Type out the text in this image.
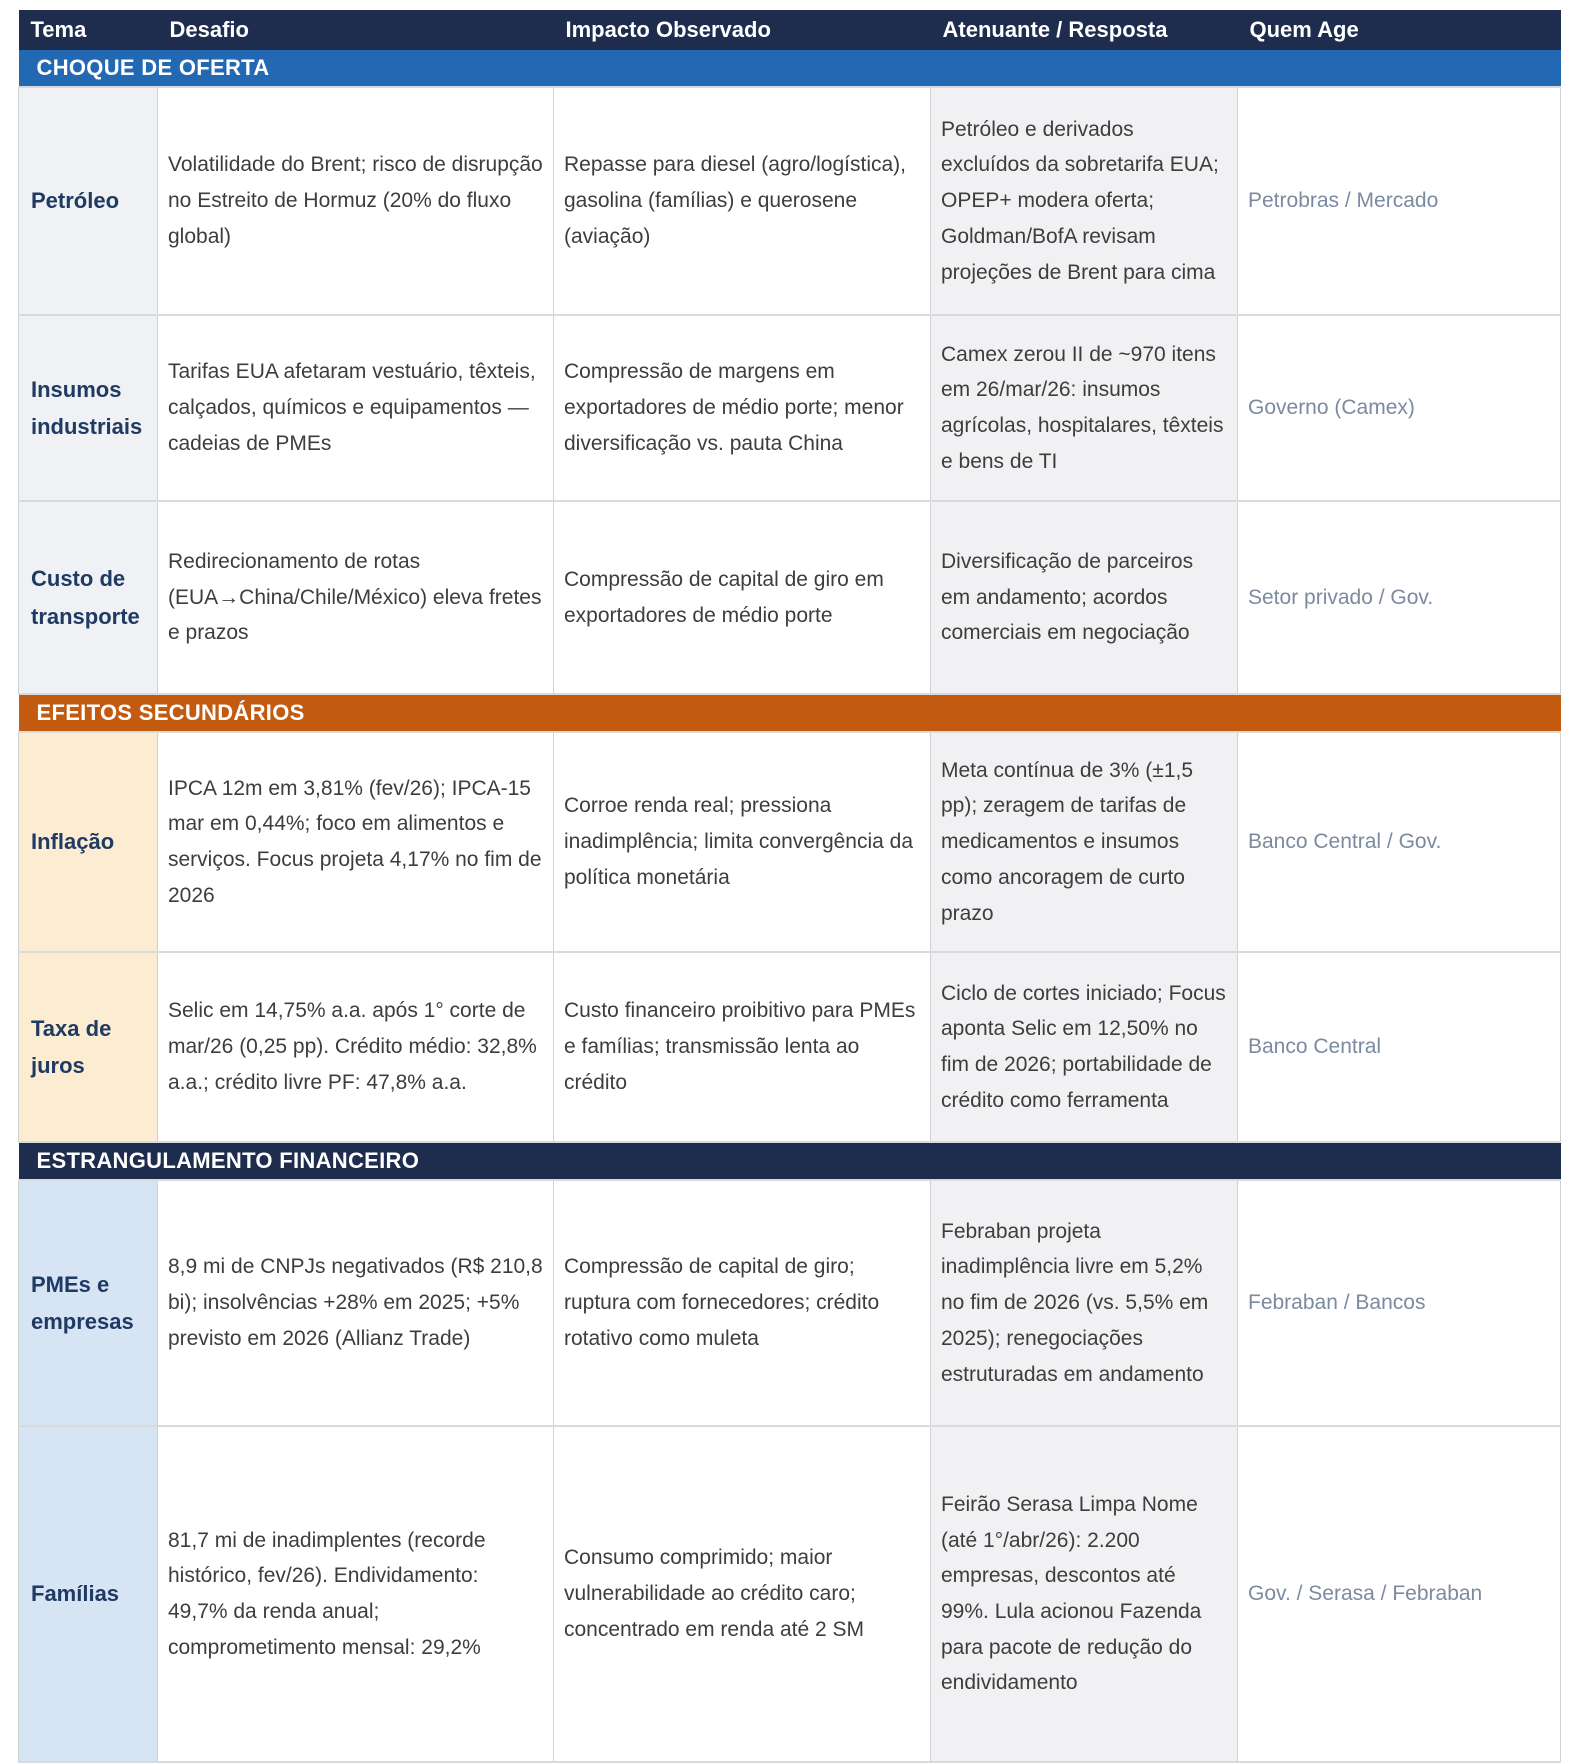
Tema	Desafio	Impacto Observado	Atenuante / Resposta	Quem Age
CHOQUE DE OFERTA				
Petróleo	Volatilidade do Brent; risco de disrupção no Estreito de Hormuz (20% do fluxo global)	Repasse para diesel (agro/logística), gasolina (famílias) e querosene (aviação)	Petróleo e derivados excluídos da sobretarifa EUA; OPEP+ modera oferta; Goldman/BofA revisam projeções de Brent para cima	Petrobras / Mercado
Insumos industriais	Tarifas EUA afetaram vestuário, têxteis, calçados, químicos e equipamentos — cadeias de PMEs	Compressão de margens em exportadores de médio porte; menor diversificação vs. pauta China	Camex zerou II de ~970 itens em 26/mar/26: insumos agrícolas, hospitalares, têxteis e bens de TI	Governo (Camex)
Custo de transporte	Redirecionamento de rotas (EUA→China/Chile/México) eleva fretes e prazos	Compressão de capital de giro em exportadores de médio porte	Diversificação de parceiros em andamento; acordos comerciais em negociação	Setor privado / Gov.
EFEITOS SECUNDÁRIOS				
Inflação	IPCA 12m em 3,81% (fev/26); IPCA-15 mar em 0,44%; foco em alimentos e serviços. Focus projeta 4,17% no fim de 2026	Corroe renda real; pressiona inadimplência; limita convergência da política monetária	Meta contínua de 3% (±1,5 pp); zeragem de tarifas de medicamentos e insumos como ancoragem de curto prazo	Banco Central / Gov.
Taxa de juros	Selic em 14,75% a.a. após 1° corte de mar/26 (0,25 pp). Crédito médio: 32,8% a.a.; crédito livre PF: 47,8% a.a.	Custo financeiro proibitivo para PMEs e famílias; transmissão lenta ao crédito	Ciclo de cortes iniciado; Focus aponta Selic em 12,50% no fim de 2026; portabilidade de crédito como ferramenta	Banco Central
ESTRANGULAMENTO FINANCEIRO				
PMEs e empresas	8,9 mi de CNPJs negativados (R$ 210,8 bi); insolvências +28% em 2025; +5% previsto em 2026 (Allianz Trade)	Compressão de capital de giro; ruptura com fornecedores; crédito rotativo como muleta	Febraban projeta inadimplência livre em 5,2% no fim de 2026 (vs. 5,5% em 2025); renegociações estruturadas em andamento	Febraban / Bancos
Famílias	81,7 mi de inadimplentes (recorde histórico, fev/26). Endividamento: 49,7% da renda anual; comprometimento mensal: 29,2%	Consumo comprimido; maior vulnerabilidade ao crédito caro; concentrado em renda até 2 SM	Feirão Serasa Limpa Nome (até 1°/abr/26): 2.200 empresas, descontos até 99%. Lula acionou Fazenda para pacote de redução do endividamento	Gov. / Serasa / Febraban
